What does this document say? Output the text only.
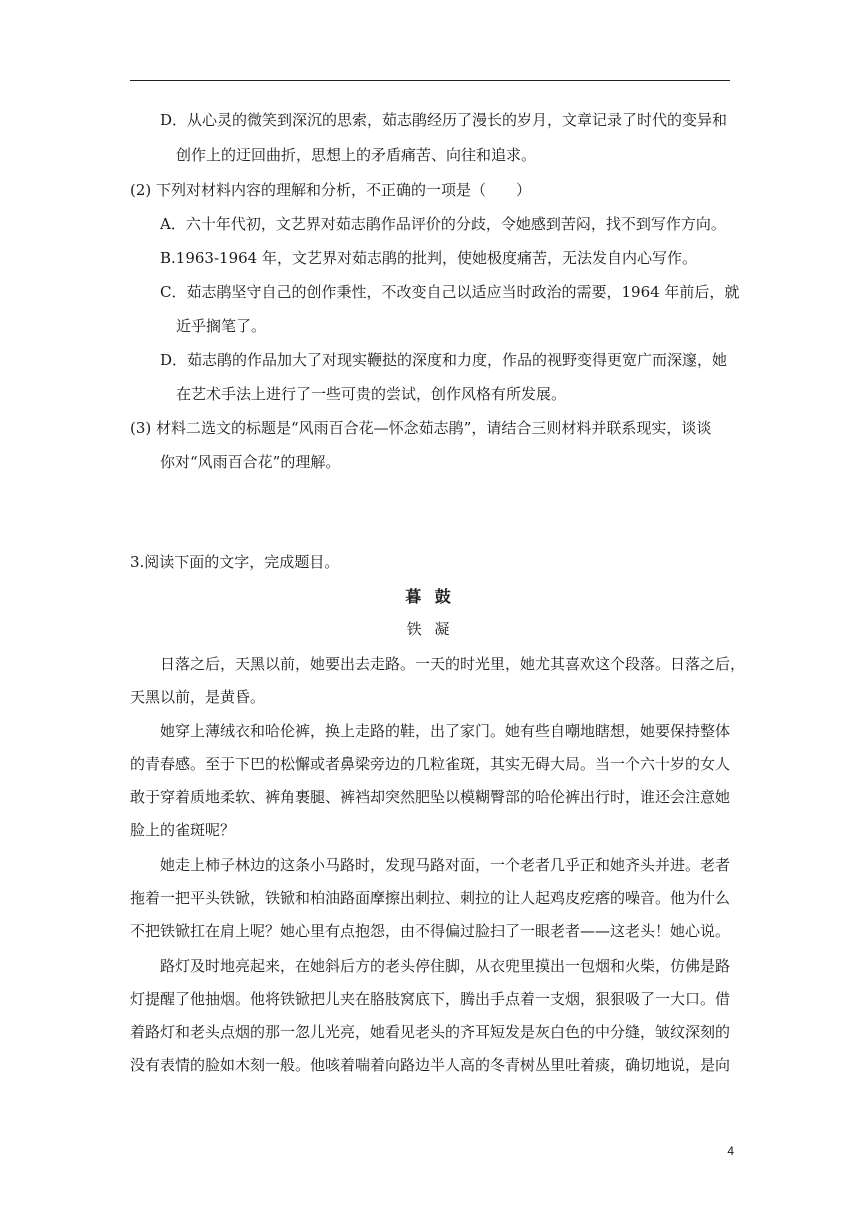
D．从心灵的微笑到深沉的思索，茹志鹃经历了漫长的岁月，文章记录了时代的变异和
创作上的迂回曲折，思想上的矛盾痛苦、向往和追求。
(2) 下列对材料内容的理解和分析，不正确的一项是（　　）
A．六十年代初，文艺界对茹志鹃作品评价的分歧，令她感到苦闷，找不到写作方向。
B.1963-1964 年，文艺界对茹志鹃的批判，使她极度痛苦，无法发自内心写作。
C．茹志鹃坚守自己的创作秉性，不改变自己以适应当时政治的需要，1964 年前后，就
近乎搁笔了。
D．茹志鹃的作品加大了对现实鞭挞的深度和力度，作品的视野变得更宽广而深邃，她
在艺术手法上进行了一些可贵的尝试，创作风格有所发展。
(3) 材料二选文的标题是“风雨百合花—怀念茹志鹃”，请结合三则材料并联系现实，谈谈
你对“风雨百合花”的理解。
3.阅读下面的文字，完成题目。
暮 鼓
铁 凝
日落之后，天黑以前，她要出去走路。一天的时光里，她尤其喜欢这个段落。日落之后，
天黑以前，是黄昏。
她穿上薄绒衣和哈伦裤，换上走路的鞋，出了家门。她有些自嘲地瞎想，她要保持整体
的青春感。至于下巴的松懈或者鼻梁旁边的几粒雀斑，其实无碍大局。当一个六十岁的女人
敢于穿着质地柔软、裤角裹腿、裤裆却突然肥坠以模糊臀部的哈伦裤出行时，谁还会注意她
脸上的雀斑呢？
她走上柿子林边的这条小马路时，发现马路对面，一个老者几乎正和她齐头并进。老者
拖着一把平头铁锨，铁锨和柏油路面摩擦出刺拉、刺拉的让人起鸡皮疙瘩的噪音。他为什么
不把铁锨扛在肩上呢？她心里有点抱怨，由不得偏过脸扫了一眼老者——这老头！她心说。
路灯及时地亮起来，在她斜后方的老头停住脚，从衣兜里摸出一包烟和火柴，仿佛是路
灯提醒了他抽烟。他将铁锨把儿夹在胳肢窝底下，腾出手点着一支烟，狠狠吸了一大口。借
着路灯和老头点烟的那一忽儿光亮，她看见老头的齐耳短发是灰白色的中分缝，皱纹深刻的
没有表情的脸如木刻一般。他咳着喘着向路边半人高的冬青树丛里吐着痰，确切地说，是向
4
